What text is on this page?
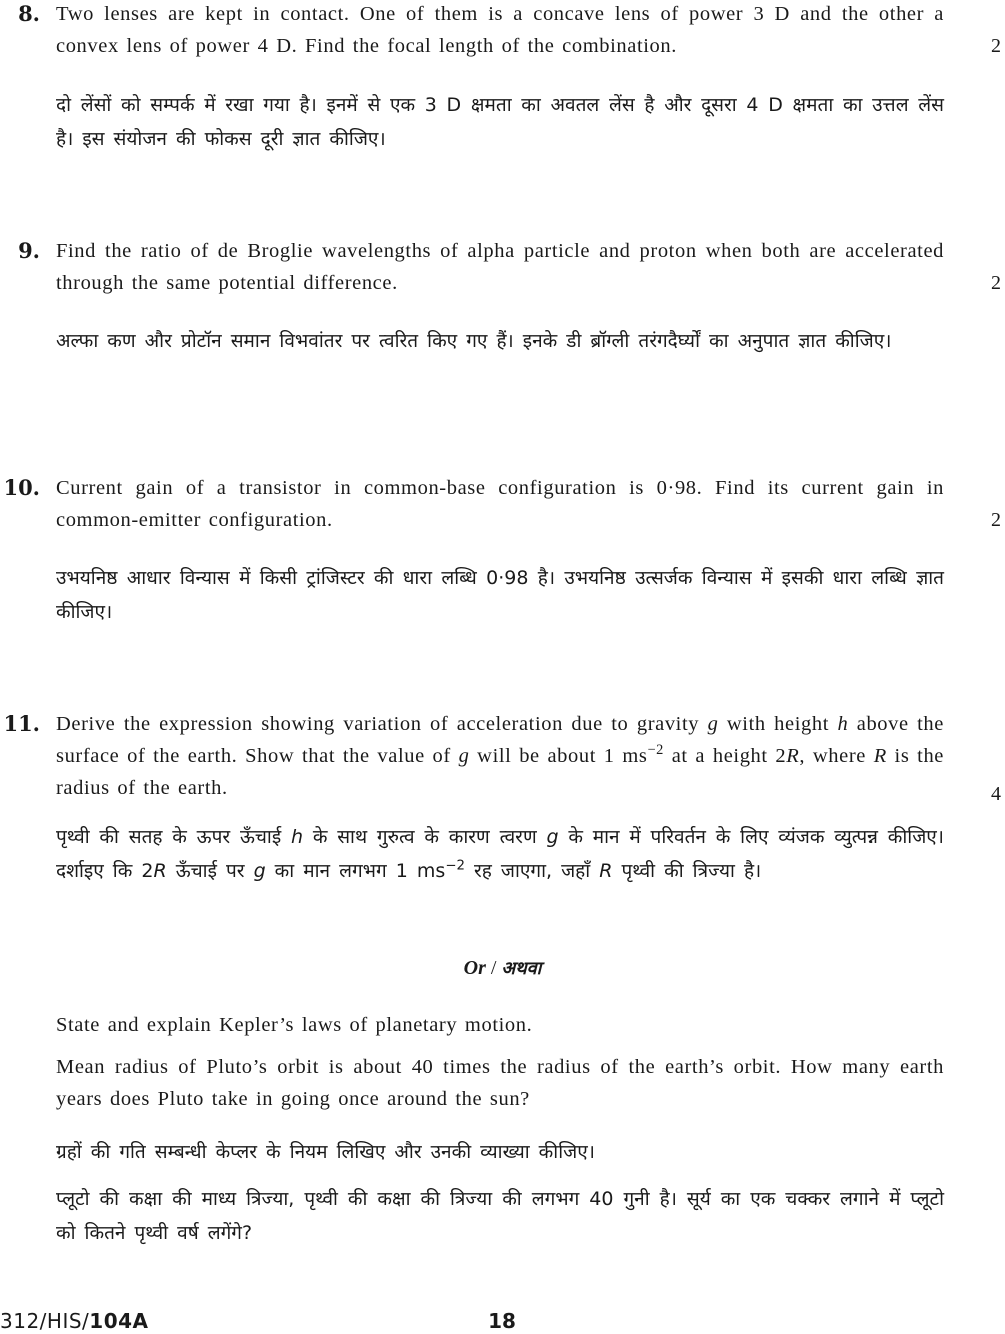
8. Two lenses are kept in contact. One of them is a concave lens of power 3 D and the other a convex lens of power 4 D. Find the focal length of the combination.	2
दो लेंसों को सम्पर्क में रखा गया है। इनमें से एक 3 D क्षमता का अवतल लेंस है और दूसरा 4 D क्षमता का उत्तल लेंस है। इस संयोजन की फोकस दूरी ज्ञात कीजिए।
9. Find the ratio of de Broglie wavelengths of alpha particle and proton when both are accelerated through the same potential difference.	2
अल्फा कण और प्रोटॉन समान विभवांतर पर त्वरित किए गए हैं। इनके डी ब्रॉग्ली तरंगदैर्घ्यों का अनुपात ज्ञात कीजिए।
10. Current gain of a transistor in common-base configuration is 0·98. Find its current gain in common-emitter configuration.	2
उभयनिष्ठ आधार विन्यास में किसी ट्रांजिस्टर की धारा लब्धि 0·98 है। उभयनिष्ठ उत्सर्जक विन्यास में इसकी धारा लब्धि ज्ञात कीजिए।
11. Derive the expression showing variation of acceleration due to gravity g with height h above the surface of the earth. Show that the value of g will be about 1 $ms^{-2}$ at a height 2R, where R is the radius of the earth.	4
पृथ्वी की सतह के ऊपर ऊँचाई h के साथ गुरुत्व के कारण त्वरण g के मान में परिवर्तन के लिए व्यंजक व्युत्पन्न कीजिए। दर्शाइए कि 2R ऊँचाई पर g का मान लगभग 1 $ms^{-2}$ रह जाएगा, जहाँ R पृथ्वी की त्रिज्या है।
Or / अथवा
State and explain Kepler’s laws of planetary motion.
Mean radius of Pluto’s orbit is about 40 times the radius of the earth’s orbit. How many earth years does Pluto take in going once around the sun?
ग्रहों की गति सम्बन्धी केप्लर के नियम लिखिए और उनकी व्याख्या कीजिए।
प्लूटो की कक्षा की माध्य त्रिज्या, पृथ्वी की कक्षा की त्रिज्या की लगभग 40 गुनी है। सूर्य का एक चक्कर लगाने में प्लूटो को कितने पृथ्वी वर्ष लगेंगे?
312/HIS/104A	18
